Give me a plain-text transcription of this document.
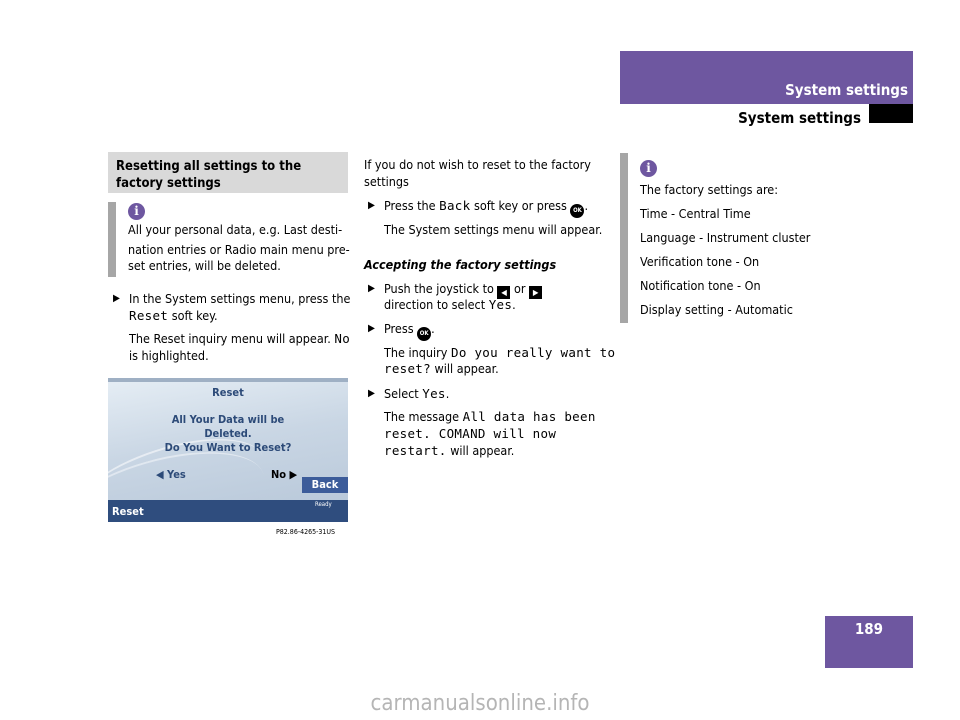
System settings
System settings
Resetting all settings to the factory settings
i
All your personal data, e.g. Last desti-
nation entries or Radio main menu pre-
set entries, will be deleted.
▶ In the System settings menu, press the
Reset soft key.
The Reset inquiry menu will appear. No
is highlighted.
Reset
All Your Data will be
Deleted.
Do You Want to Reset?
◀ Yes	No ▶
Back
Reset
Ready
P82.86-4265-31US
If you do not wish to reset to the factory
settings
▶ Press the Back soft key or press OK .
The System settings menu will appear.
Accepting the factory settings
▶ Push the joystick to ◀ or ▶
direction to select Yes.
▶ Press OK .
The inquiry Do you really want to
reset? will appear.
▶ Select Yes.
The message All data has been
reset. COMAND will now
restart. will appear.
i
The factory settings are:
Time - Central Time
Language - Instrument cluster
Verification tone - On
Notification tone - On
Display setting - Automatic
189
carmanualsonline.info
